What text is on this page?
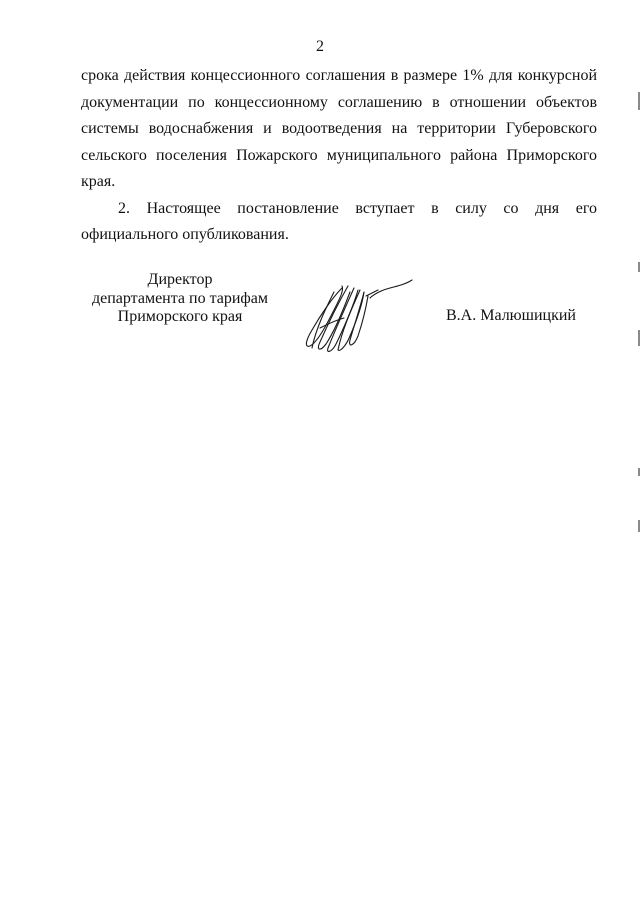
2

срока действия концессионного соглашения в размере 1% для конкурсной документации по концессионному соглашению в отношении объектов системы водоснабжения и водоотведения на территории Губеровского сельского поселения Пожарского муниципального района Приморского края.

2. Настоящее постановление вступает в силу со дня его официального опубликования.

Директор
департамента по тарифам
Приморского края	В.А. Малюшицкий
